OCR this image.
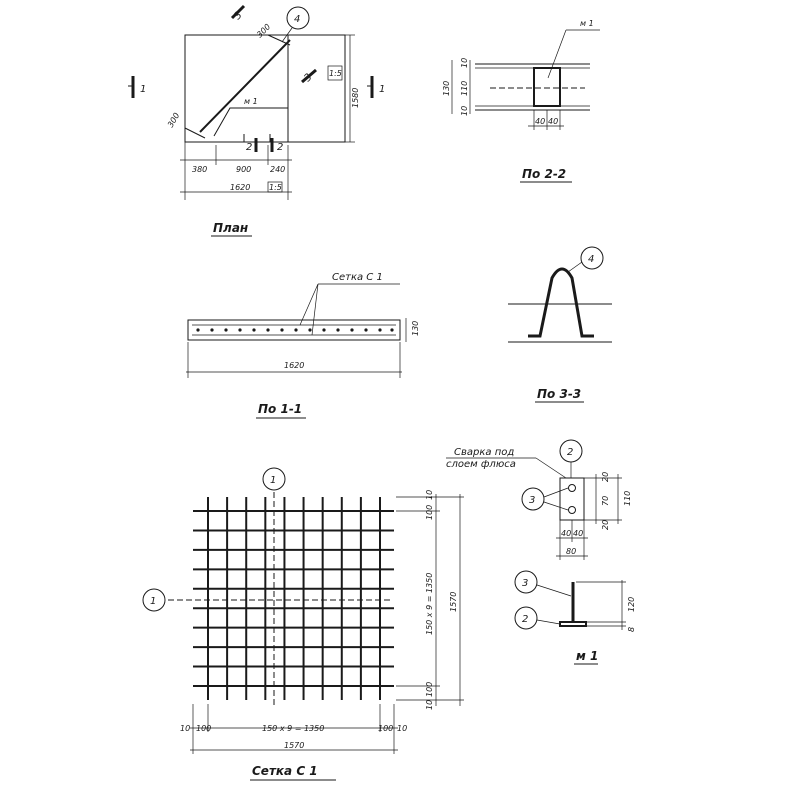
м 1
300
300
4
3
3 1:5
1580
1	1
2 2
380	900 240
1620 1:5
План
м 1
10
110
10
130
40 40
По 2-2
Сетка С 1
130
1620
По 1-1
4
По 3-3
1
1
10
100
150 x 9 = 1350
100
10
1570
10 100	150 x 9 = 1350	100 10
1570
Сетка С 1
Сварка под
слоем флюса
2
3
20
70
20
110
40 40
80
3
2
120
8
м 1
